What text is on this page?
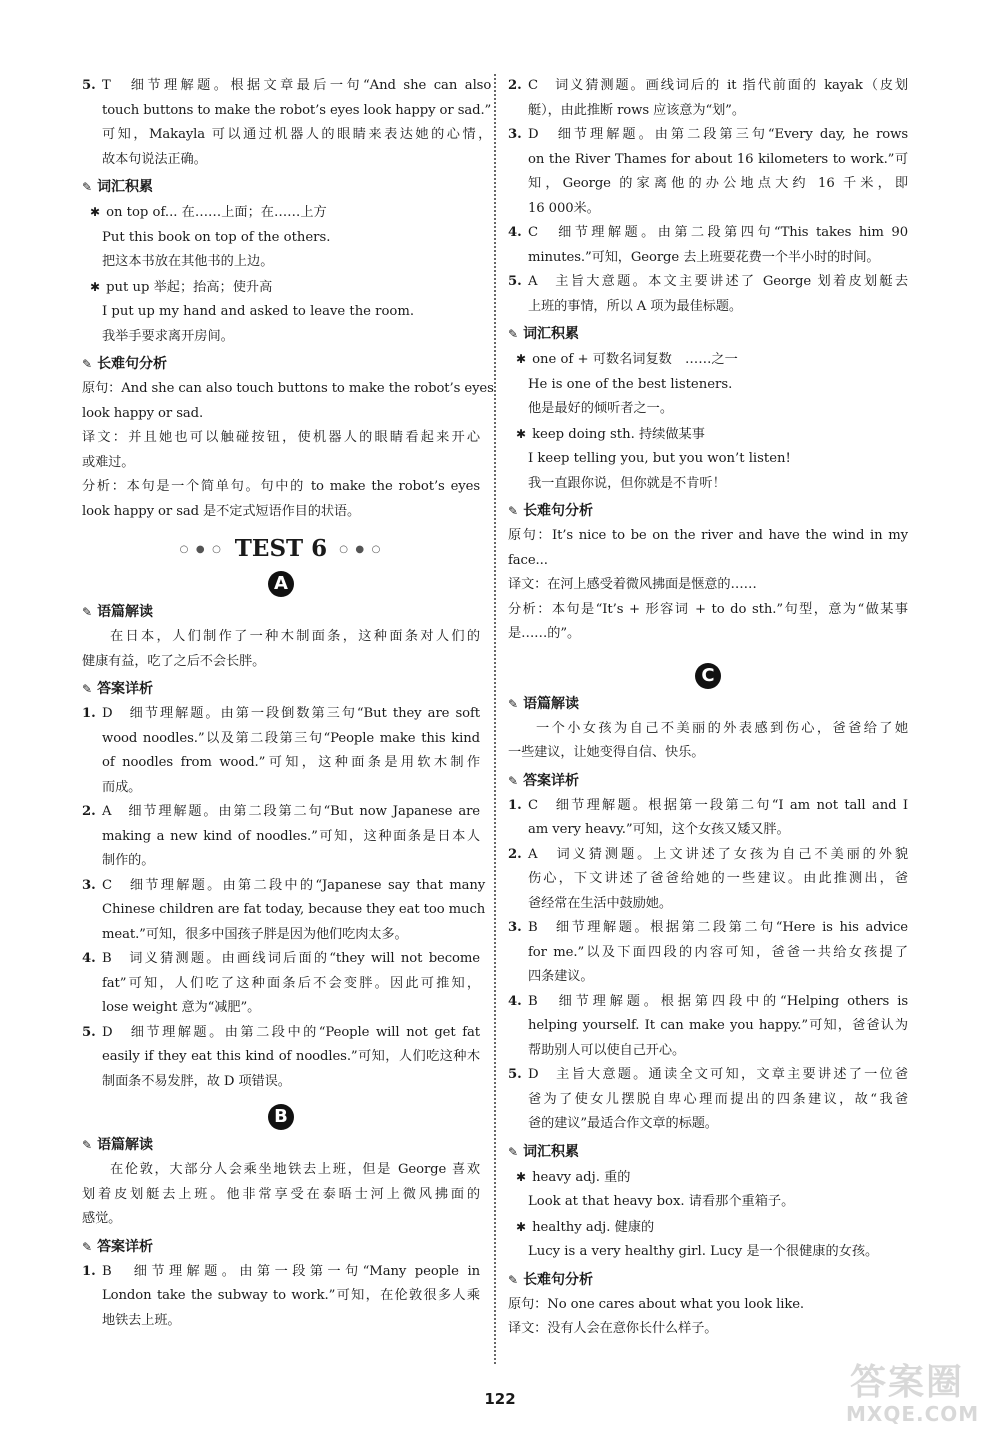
5. T　细节理解题。根据文章最后一句“And she can also
touch buttons to make the robot’s eyes look happy or sad.”
可知，Makayla 可以通过机器人的眼睛来表达她的心情，
故本句说法正确。
✎ 词汇积累
✱ on top of... 在……上面；在……上方
Put this book on top of the others.
把这本书放在其他书的上边。
✱ put up 举起；抬高；使升高
I put up my hand and asked to leave the room.
我举手要求离开房间。
✎ 长难句分析
原句：And she can also touch buttons to make the robot’s eyes
look happy or sad.
译文：并且她也可以触碰按钮，使机器人的眼睛看起来开心
或难过。
分析：本句是一个简单句。句中的 to make the robot’s eyes
look happy or sad 是不定式短语作目的状语。
○ ● ○ TEST 6 ○ ● ○
A
✎ 语篇解读
在日本，人们制作了一种木制面条，这种面条对人们的
健康有益，吃了之后不会长胖。
✎ 答案详析
1. D　细节理解题。由第一段倒数第三句“But they are soft
wood noodles.”以及第二段第三句“People make this kind
of noodles from wood.”可知，这种面条是用软木制作
而成。
2. A　细节理解题。由第二段第二句“But now Japanese are
making a new kind of noodles.”可知，这种面条是日本人
制作的。
3. C　细节理解题。由第二段中的“Japanese say that many
Chinese children are fat today, because they eat too much
meat.”可知，很多中国孩子胖是因为他们吃肉太多。
4. B　词义猜测题。由画线词后面的“they will not become
fat”可知，人们吃了这种面条后不会变胖。因此可推知，
lose weight 意为“减肥”。
5. D　细节理解题。由第二段中的“People will not get fat
easily if they eat this kind of noodles.”可知，人们吃这种木
制面条不易发胖，故 D 项错误。
B
✎ 语篇解读
在伦敦，大部分人会乘坐地铁去上班，但是 George 喜欢
划着皮划艇去上班。他非常享受在泰晤士河上微风拂面的
感觉。
✎ 答案详析
1. B　细节理解题。由第一段第一句“Many people in
London take the subway to work.”可知，在伦敦很多人乘
地铁去上班。
2. C　词义猜测题。画线词后的 it 指代前面的 kayak（皮划
艇），由此推断 rows 应该意为“划”。
3. D　细节理解题。由第二段第三句“Every day, he rows
on the River Thames for about 16 kilometers to work.”可
知，George 的家离他的办公地点大约 16 千米，即
16 000米。
4. C　细节理解题。由第二段第四句“This takes him 90
minutes.”可知，George 去上班要花费一个半小时的时间。
5. A　主旨大意题。本文主要讲述了 George 划着皮划艇去
上班的事情，所以 A 项为最佳标题。
✎ 词汇积累
✱ one of + 可数名词复数　……之一
He is one of the best listeners.
他是最好的倾听者之一。
✱ keep doing sth. 持续做某事
I keep telling you, but you won’t listen!
我一直跟你说，但你就是不肯听！
✎ 长难句分析
原句：It’s nice to be on the river and have the wind in my
face...
译文：在河上感受着微风拂面是惬意的……
分析：本句是“It’s + 形容词 + to do sth.”句型，意为“做某事
是……的”。
C
✎ 语篇解读
一个小女孩为自己不美丽的外表感到伤心，爸爸给了她
一些建议，让她变得自信、快乐。
✎ 答案详析
1. C　细节理解题。根据第一段第二句“I am not tall and I
am very heavy.”可知，这个女孩又矮又胖。
2. A　词义猜测题。上文讲述了女孩为自己不美丽的外貌
伤心，下文讲述了爸爸给她的一些建议。由此推测出，爸
爸经常在生活中鼓励她。
3. B　细节理解题。根据第二段第二句“Here is his advice
for me.”以及下面四段的内容可知，爸爸一共给女孩提了
四条建议。
4. B　细节理解题。根据第四段中的“Helping others is
helping yourself. It can make you happy.”可知，爸爸认为
帮助别人可以使自己开心。
5. D　主旨大意题。通读全文可知，文章主要讲述了一位爸
爸为了使女儿摆脱自卑心理而提出的四条建议，故“我爸
爸的建议”最适合作文章的标题。
✎ 词汇积累
✱ heavy adj. 重的
Look at that heavy box. 请看那个重箱子。
✱ healthy adj. 健康的
Lucy is a very healthy girl. Lucy 是一个很健康的女孩。
✎ 长难句分析
原句：No one cares about what you look like.
译文：没有人会在意你长什么样子。
122	答案圈
MXQE.COM
